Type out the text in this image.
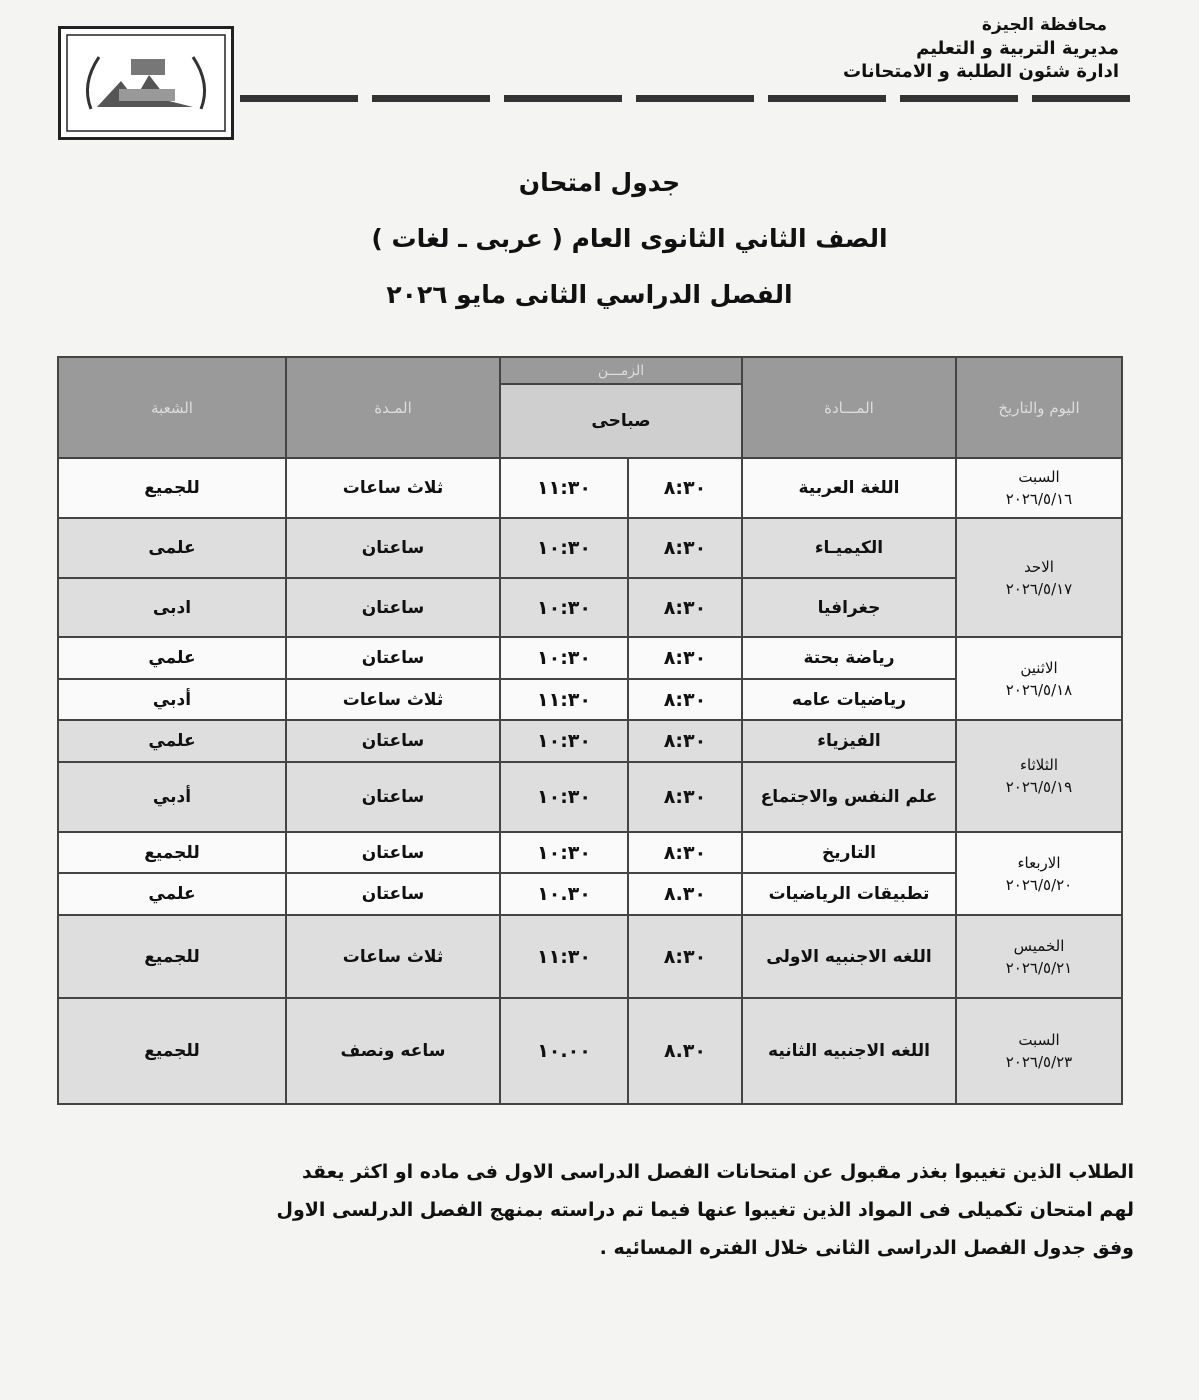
محافظة الجيزة
مديرية التربية و التعليم
ادارة شئون الطلبة و الامتحانات
جدول امتحان
الصف الثاني الثانوى العام ( عربى ـ لغات )
الفصل الدراسي الثانى مايو ٢٠٢٦
اليوم والتاريخ	المـــادة	الزمـــن		المـدة	الشعبة
		صباحى			
السبت
٢٠٢٦/٥/١٦	اللغة العربية	٨:٣٠	١١:٣٠	ثلاث ساعات	للجميع
الاحد
٢٠٢٦/٥/١٧	الكيميـاء	٨:٣٠	١٠:٣٠	ساعتان	علمى
	جغرافيا	٨:٣٠	١٠:٣٠	ساعتان	ادبى
الاثنين
٢٠٢٦/٥/١٨	رياضة بحتة	٨:٣٠	١٠:٣٠	ساعتان	علمي
	رياضيات عامه	٨:٣٠	١١:٣٠	ثلاث ساعات	أدبي
الثلاثاء
٢٠٢٦/٥/١٩	الفيزياء	٨:٣٠	١٠:٣٠	ساعتان	علمي
	علم النفس والاجتماع	٨:٣٠	١٠:٣٠	ساعتان	أدبي
الاربعاء
٢٠٢٦/٥/٢٠	التاريخ	٨:٣٠	١٠:٣٠	ساعتان	للجميع
	تطبيقات الرياضيات	٨.٣٠	١٠.٣٠	ساعتان	علمي
الخميس
٢٠٢٦/٥/٢١	اللغه الاجنبيه الاولى	٨:٣٠	١١:٣٠	ثلاث ساعات	للجميع
السبت
٢٠٢٦/٥/٢٣	اللغه الاجنبيه الثانيه	٨.٣٠	١٠.٠٠	ساعه ونصف	للجميع
الطلاب الذين تغيبوا بغذر مقبول عن امتحانات الفصل الدراسى الاول فى ماده او اكثر يعقد
لهم امتحان تكميلى فى المواد الذين تغيبوا عنها فيما تم دراسته بمنهج الفصل الدرلسى الاول
وفق جدول الفصل الدراسى الثانى خلال الفتره المسائيه .
